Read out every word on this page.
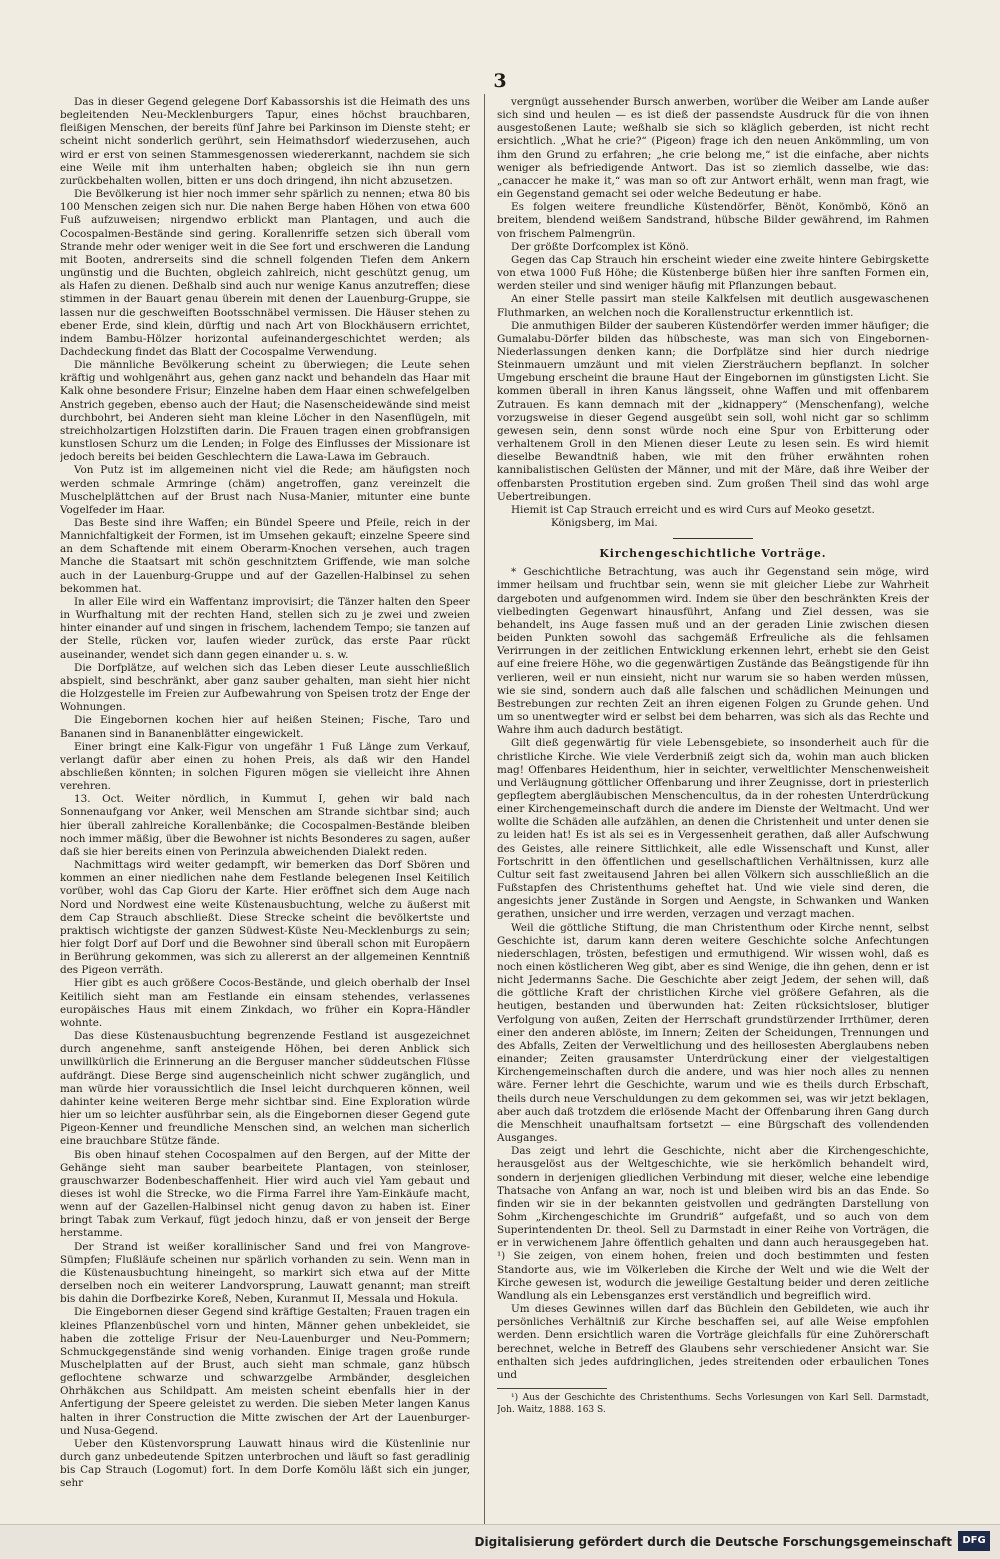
3

Das in dieser Gegend gelegene Dorf Kabassorshis ist die Heimath des uns begleitenden Neu-Mecklenburgers Tapur, eines höchst brauchbaren, fleißigen Menschen, der bereits fünf Jahre bei Parkinson im Dienste steht; er scheint nicht sonderlich gerührt, sein Heimathsdorf wiederzusehen, auch wird er erst von seinen Stammesgenossen wiedererkannt, nachdem sie sich eine Weile mit ihm unterhalten haben; obgleich sie ihn nun gern zurückbehalten wollen, bitten er uns doch dringend, ihn nicht abzusetzen.

Die Bevölkerung ist hier noch immer sehr spärlich zu nennen; etwa 80 bis 100 Menschen zeigen sich nur. Die nahen Berge haben Höhen von etwa 600 Fuß aufzuweisen; nirgendwo erblickt man Plantagen, und auch die Cocospalmen-Bestände sind gering. Korallenriffe setzen sich überall vom Strande mehr oder weniger weit in die See fort und erschweren die Landung mit Booten, andrerseits sind die schnell folgenden Tiefen dem Ankern ungünstig und die Buchten, obgleich zahlreich, nicht geschützt genug, um als Hafen zu dienen. Deßhalb sind auch nur wenige Kanus anzutreffen; diese stimmen in der Bauart genau überein mit denen der Lauenburg-Gruppe, sie lassen nur die geschweiften Bootsschnäbel vermissen. Die Häuser stehen zu ebener Erde, sind klein, dürftig und nach Art von Blockhäusern errichtet, indem Bambu-Hölzer horizontal aufeinandergeschichtet werden; als Dachdeckung findet das Blatt der Cocospalme Verwendung.

Die männliche Bevölkerung scheint zu überwiegen; die Leute sehen kräftig und wohlgenährt aus, gehen ganz nackt und behandeln das Haar mit Kalk ohne besondere Frisur; Einzelne haben dem Haar einen schwefelgelben Anstrich gegeben, ebenso auch der Haut; die Nasenscheidewände sind meist durchbohrt, bei Anderen sieht man kleine Löcher in den Nasenflügeln, mit streichholzartigen Holzstiften darin. Die Frauen tragen einen grobfransigen kunstlosen Schurz um die Lenden; in Folge des Einflusses der Missionare ist jedoch bereits bei beiden Geschlechtern die Lawa-Lawa im Gebrauch.

Von Putz ist im allgemeinen nicht viel die Rede; am häufigsten noch werden schmale Armringe (chäm) angetroffen, ganz vereinzelt die Muschelplättchen auf der Brust nach Nusa-Manier, mitunter eine bunte Vogelfeder im Haar.

Das Beste sind ihre Waffen; ein Bündel Speere und Pfeile, reich in der Mannichfaltigkeit der Formen, ist im Umsehen gekauft; einzelne Speere sind an dem Schaftende mit einem Oberarm-Knochen versehen, auch tragen Manche die Staatsart mit schön geschnitztem Griffende, wie man solche auch in der Lauenburg-Gruppe und auf der Gazellen-Halbinsel zu sehen bekommen hat.

In aller Eile wird ein Waffentanz improvisirt; die Tänzer halten den Speer in Wurfhaltung mit der rechten Hand, stellen sich zu je zwei und zweien hinter einander auf und singen in frischem, lachendem Tempo; sie tanzen auf der Stelle, rücken vor, laufen wieder zurück, das erste Paar rückt auseinander, wendet sich dann gegen einander u. s. w.

Die Dorfplätze, auf welchen sich das Leben dieser Leute ausschließlich abspielt, sind beschränkt, aber ganz sauber gehalten, man sieht hier nicht die Holzgestelle im Freien zur Aufbewahrung von Speisen trotz der Enge der Wohnungen.

Die Eingebornen kochen hier auf heißen Steinen; Fische, Taro und Bananen sind in Bananenblätter eingewickelt.

Einer bringt eine Kalk-Figur von ungefähr 1 Fuß Länge zum Verkauf, verlangt dafür aber einen zu hohen Preis, als daß wir den Handel abschließen könnten; in solchen Figuren mögen sie vielleicht ihre Ahnen verehren.

13. Oct. Weiter nördlich, in Kummut I, gehen wir bald nach Sonnenaufgang vor Anker, weil Menschen am Strande sichtbar sind; auch hier überall zahlreiche Korallenbänke; die Cocospalmen-Bestände bleiben noch immer mäßig, über die Bewohner ist nichts Besonderes zu sagen, außer daß sie hier bereits einen von Perinzula abweichenden Dialekt reden.

Nachmittags wird weiter gedampft, wir bemerken das Dorf Sbören und kommen an einer niedlichen nahe dem Festlande belegenen Insel Keitilich vorüber, wohl das Cap Gioru der Karte. Hier eröffnet sich dem Auge nach Nord und Nordwest eine weite Küstenausbuchtung, welche zu äußerst mit dem Cap Strauch abschließt. Diese Strecke scheint die bevölkertste und praktisch wichtigste der ganzen Südwest-Küste Neu-Mecklenburgs zu sein; hier folgt Dorf auf Dorf und die Bewohner sind überall schon mit Europäern in Berührung gekommen, was sich zu allererst an der allgemeinen Kenntniß des Pigeon verräth.

Hier gibt es auch größere Cocos-Bestände, und gleich oberhalb der Insel Keitilich sieht man am Festlande ein einsam stehendes, verlassenes europäisches Haus mit einem Zinkdach, wo früher ein Kopra-Händler wohnte.

Das diese Küstenausbuchtung begrenzende Festland ist ausgezeichnet durch angenehme, sanft ansteigende Höhen, bei deren Anblick sich unwillkürlich die Erinnerung an die Berguser mancher süddeutschen Flüsse aufdrängt. Diese Berge sind augenscheinlich nicht schwer zugänglich, und man würde hier voraussichtlich die Insel leicht durchqueren können, weil dahinter keine weiteren Berge mehr sichtbar sind. Eine Exploration würde hier um so leichter ausführbar sein, als die Eingebornen dieser Gegend gute Pigeon-Kenner und freundliche Menschen sind, an welchen man sicherlich eine brauchbare Stütze fände.

Bis oben hinauf stehen Cocospalmen auf den Bergen, auf der Mitte der Gehänge sieht man sauber bearbeitete Plantagen, von steinloser, grauschwarzer Bodenbeschaffenheit. Hier wird auch viel Yam gebaut und dieses ist wohl die Strecke, wo die Firma Farrel ihre Yam-Einkäufe macht, wenn auf der Gazellen-Halbinsel nicht genug davon zu haben ist. Einer bringt Tabak zum Verkauf, fügt jedoch hinzu, daß er von jenseit der Berge herstamme.

Der Strand ist weißer korallinischer Sand und frei von Mangrove-Sümpfen; Flußläufe scheinen nur spärlich vorhanden zu sein. Wenn man in die Küstenausbuchtung hineingeht, so markirt sich etwa auf der Mitte derselben noch ein weiterer Landvorsprung, Lauwatt genannt; man streift bis dahin die Dorfbezirke Koreß, Neben, Kuranmut II, Messala und Hokula.

Die Eingebornen dieser Gegend sind kräftige Gestalten; Frauen tragen ein kleines Pflanzenbüschel vorn und hinten, Männer gehen unbekleidet, sie haben die zottelige Frisur der Neu-Lauenburger und Neu-Pommern; Schmuckgegenstände sind wenig vorhanden. Einige tragen große runde Muschelplatten auf der Brust, auch sieht man schmale, ganz hübsch geflochtene schwarze und schwarzgelbe Armbänder, desgleichen Ohrhäkchen aus Schildpatt. Am meisten scheint ebenfalls hier in der Anfertigung der Speere geleistet zu werden. Die sieben Meter langen Kanus halten in ihrer Construction die Mitte zwischen der Art der Lauenburger- und Nusa-Gegend.

Ueber den Küstenvorsprung Lauwatt hinaus wird die Küstenlinie nur durch ganz unbedeutende Spitzen unterbrochen und läuft so fast geradlinig bis Cap Strauch (Logomut) fort. In dem Dorfe Komölu läßt sich ein junger, sehr

vergnügt aussehender Bursch anwerben, worüber die Weiber am Lande außer sich sind und heulen — es ist dieß der passendste Ausdruck für die von ihnen ausgestoßenen Laute; weßhalb sie sich so kläglich geberden, ist nicht recht ersichtlich. „What he crie?“ (Pigeon) frage ich den neuen Ankömmling, um von ihm den Grund zu erfahren; „he crie belong me,“ ist die einfache, aber nichts weniger als befriedigende Antwort. Das ist so ziemlich dasselbe, wie das: „canaccer he make it,“ was man so oft zur Antwort erhält, wenn man fragt, wie ein Gegenstand gemacht sei oder welche Bedeutung er habe.

Es folgen weitere freundliche Küstendörfer, Bënöt, Konömbö, Könö an breitem, blendend weißem Sandstrand, hübsche Bilder gewährend, im Rahmen von frischem Palmengrün.

Der größte Dorfcomplex ist Könö.

Gegen das Cap Strauch hin erscheint wieder eine zweite hintere Gebirgskette von etwa 1000 Fuß Höhe; die Küstenberge büßen hier ihre sanften Formen ein, werden steiler und sind weniger häufig mit Pflanzungen bebaut.

An einer Stelle passirt man steile Kalkfelsen mit deutlich ausgewaschenen Fluthmarken, an welchen noch die Korallenstructur erkenntlich ist.

Die anmuthigen Bilder der sauberen Küstendörfer werden immer häufiger; die Gumalabu-Dörfer bilden das hübscheste, was man sich von Eingebornen-Niederlassungen denken kann; die Dorfplätze sind hier durch niedrige Steinmauern umzäunt und mit vielen Ziersträuchern bepflanzt. In solcher Umgebung erscheint die braune Haut der Eingebornen im günstigsten Licht. Sie kommen überall in ihren Kanus längsseit, ohne Waffen und mit offenbarem Zutrauen. Es kann demnach mit der „kidnappery“ (Menschenfang), welche vorzugsweise in dieser Gegend ausgeübt sein soll, wohl nicht gar so schlimm gewesen sein, denn sonst würde noch eine Spur von Erbitterung oder verhaltenem Groll in den Mienen dieser Leute zu lesen sein. Es wird hiemit dieselbe Bewandtniß haben, wie mit den früher erwähnten rohen kannibalistischen Gelüsten der Männer, und mit der Märe, daß ihre Weiber der offenbarsten Prostitution ergeben sind. Zum großen Theil sind das wohl arge Uebertreibungen.

Hiemit ist Cap Strauch erreicht und es wird Curs auf Meoko gesetzt.

Königsberg, im Mai.

Kirchengeschichtliche Vorträge.

* Geschichtliche Betrachtung, was auch ihr Gegenstand sein möge, wird immer heilsam und fruchtbar sein, wenn sie mit gleicher Liebe zur Wahrheit dargeboten und aufgenommen wird. Indem sie über den beschränkten Kreis der vielbedingten Gegenwart hinausführt, Anfang und Ziel dessen, was sie behandelt, ins Auge fassen muß und an der geraden Linie zwischen diesen beiden Punkten sowohl das sachgemäß Erfreuliche als die fehlsamen Verirrungen in der zeitlichen Entwicklung erkennen lehrt, erhebt sie den Geist auf eine freiere Höhe, wo die gegenwärtigen Zustände das Beängstigende für ihn verlieren, weil er nun einsieht, nicht nur warum sie so haben werden müssen, wie sie sind, sondern auch daß alle falschen und schädlichen Meinungen und Bestrebungen zur rechten Zeit an ihren eigenen Folgen zu Grunde gehen. Und um so unentwegter wird er selbst bei dem beharren, was sich als das Rechte und Wahre ihm auch dadurch bestätigt.

Gilt dieß gegenwärtig für viele Lebensgebiete, so insonderheit auch für die christliche Kirche. Wie viele Verderbniß zeigt sich da, wohin man auch blicken mag! Offenbares Heidenthum, hier in seichter, verweltlichter Menschenweisheit und Verläugnung göttlicher Offenbarung und ihrer Zeugnisse, dort in priesterlich gepflegtem abergläubischen Menschencultus, da in der rohesten Unterdrückung einer Kirchengemeinschaft durch die andere im Dienste der Weltmacht. Und wer wollte die Schäden alle aufzählen, an denen die Christenheit und unter denen sie zu leiden hat! Es ist als sei es in Vergessenheit gerathen, daß aller Aufschwung des Geistes, alle reinere Sittlichkeit, alle edle Wissenschaft und Kunst, aller Fortschritt in den öffentlichen und gesellschaftlichen Verhältnissen, kurz alle Cultur seit fast zweitausend Jahren bei allen Völkern sich ausschließlich an die Fußstapfen des Christenthums geheftet hat. Und wie viele sind deren, die angesichts jener Zustände in Sorgen und Aengste, in Schwanken und Wanken gerathen, unsicher und irre werden, verzagen und verzagt machen.

Weil die göttliche Stiftung, die man Christenthum oder Kirche nennt, selbst Geschichte ist, darum kann deren weitere Geschichte solche Anfechtungen niederschlagen, trösten, befestigen und ermuthigend. Wir wissen wohl, daß es noch einen köstlicheren Weg gibt, aber es sind Wenige, die ihn gehen, denn er ist nicht Jedermanns Sache. Die Geschichte aber zeigt Jedem, der sehen will, daß die göttliche Kraft der christlichen Kirche viel größere Gefahren, als die heutigen, bestanden und überwunden hat: Zeiten rücksichtsloser, blutiger Verfolgung von außen, Zeiten der Herrschaft grundstürzender Irrthümer, deren einer den anderen ablöste, im Innern; Zeiten der Scheidungen, Trennungen und des Abfalls, Zeiten der Verweltlichung und des heillosesten Aberglaubens neben einander; Zeiten grausamster Unterdrückung einer der vielgestaltigen Kirchengemeinschaften durch die andere, und was hier noch alles zu nennen wäre. Ferner lehrt die Geschichte, warum und wie es theils durch Erbschaft, theils durch neue Verschuldungen zu dem gekommen sei, was wir jetzt beklagen, aber auch daß trotzdem die erlösende Macht der Offenbarung ihren Gang durch die Menschheit unaufhaltsam fortsetzt — eine Bürgschaft des vollendenden Ausganges.

Das zeigt und lehrt die Geschichte, nicht aber die Kirchengeschichte, herausgelöst aus der Weltgeschichte, wie sie herkömlich behandelt wird, sondern in derjenigen gliedlichen Verbindung mit dieser, welche eine lebendige Thatsache von Anfang an war, noch ist und bleiben wird bis an das Ende. So finden wir sie in der bekannten geistvollen und gedrängten Darstellung von Sohm „Kirchengeschichte im Grundriß“ aufgefaßt, und so auch von dem Superintendenten Dr. theol. Sell zu Darmstadt in einer Reihe von Vorträgen, die er in verwichenem Jahre öffentlich gehalten und dann auch herausgegeben hat. ¹) Sie zeigen, von einem hohen, freien und doch bestimmten und festen Standorte aus, wie im Völkerleben die Kirche der Welt und wie die Welt der Kirche gewesen ist, wodurch die jeweilige Gestaltung beider und deren zeitliche Wandlung als ein Lebensganzes erst verständlich und begreiflich wird.

Um dieses Gewinnes willen darf das Büchlein den Gebildeten, wie auch ihr persönliches Verhältniß zur Kirche beschaffen sei, auf alle Weise empfohlen werden. Denn ersichtlich waren die Vorträge gleichfalls für eine Zuhörerschaft berechnet, welche in Betreff des Glaubens sehr verschiedener Ansicht war. Sie enthalten sich jedes aufdringlichen, jedes streitenden oder erbaulichen Tones und

¹) Aus der Geschichte des Christenthums. Sechs Vorlesungen von Karl Sell. Darmstadt, Joh. Waitz, 1888. 163 S.

Digitalisierung gefördert durch die Deutsche Forschungsgemeinschaft	DFG
